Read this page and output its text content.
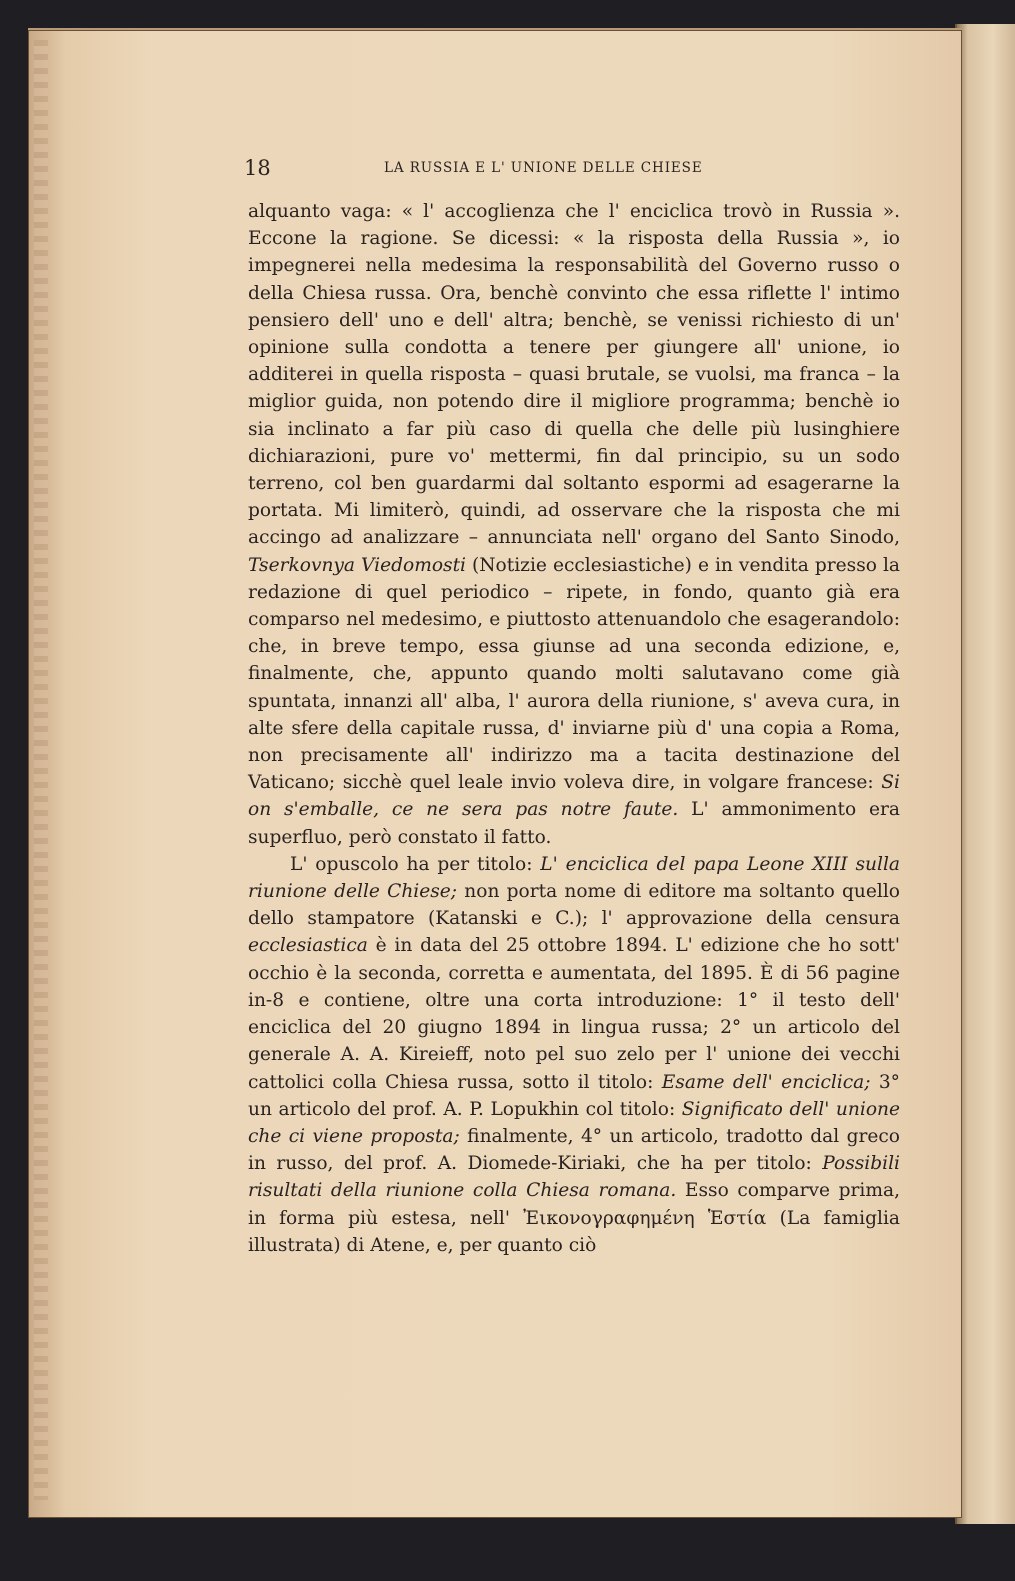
18	LA RUSSIA E L' UNIONE DELLE CHIESE

alquanto vaga: « l' accoglienza che l' enciclica trovò in Russia ». Eccone la ragione. Se dicessi: « la risposta della Russia », io impegnerei nella medesima la responsabilità del Governo russo o della Chiesa russa. Ora, benchè convinto che essa riflette l' intimo pensiero dell' uno e dell' altra; benchè, se venissi richiesto di un' opinione sulla condotta a tenere per giungere all' unione, io additerei in quella risposta – quasi brutale, se vuolsi, ma franca – la miglior guida, non potendo dire il migliore programma; benchè io sia inclinato a far più caso di quella che delle più lusinghiere dichiarazioni, pure vo' mettermi, fin dal principio, su un sodo terreno, col ben guardarmi dal soltanto espormi ad esagerarne la portata. Mi limiterò, quindi, ad osservare che la risposta che mi accingo ad analizzare – annunciata nell' organo del Santo Sinodo, Tserkovnya Viedomosti (Notizie ecclesiastiche) e in vendita presso la redazione di quel periodico – ripete, in fondo, quanto già era comparso nel medesimo, e piuttosto attenuandolo che esagerandolo: che, in breve tempo, essa giunse ad una seconda edizione, e, finalmente, che, appunto quando molti salutavano come già spuntata, innanzi all' alba, l' aurora della riunione, s' aveva cura, in alte sfere della capitale russa, d' inviarne più d' una copia a Roma, non precisamente all' indirizzo ma a tacita destinazione del Vaticano; sicchè quel leale invio voleva dire, in volgare francese: Si on s'emballe, ce ne sera pas notre faute. L' ammonimento era superfluo, però constato il fatto.

L' opuscolo ha per titolo: L' enciclica del papa Leone XIII sulla riunione delle Chiese; non porta nome di editore ma soltanto quello dello stampatore (Katanski e C.); l' approvazione della censura ecclesiastica è in data del 25 ottobre 1894. L' edizione che ho sott' occhio è la seconda, corretta e aumentata, del 1895. È di 56 pagine in-8 e contiene, oltre una corta introduzione: 1° il testo dell' enciclica del 20 giugno 1894 in lingua russa; 2° un articolo del generale A. A. Kireieff, noto pel suo zelo per l' unione dei vecchi cattolici colla Chiesa russa, sotto il titolo: Esame dell' enciclica; 3° un articolo del prof. A. P. Lopukhin col titolo: Significato dell' unione che ci viene proposta; finalmente, 4° un articolo, tradotto dal greco in russo, del prof. A. Diomede-Kiriaki, che ha per titolo: Possibili risultati della riunione colla Chiesa romana. Esso comparve prima, in forma più estesa, nell' Ἐικονογραφημένη Ἑστία (La famiglia illustrata) di Atene, e, per quanto ciò
